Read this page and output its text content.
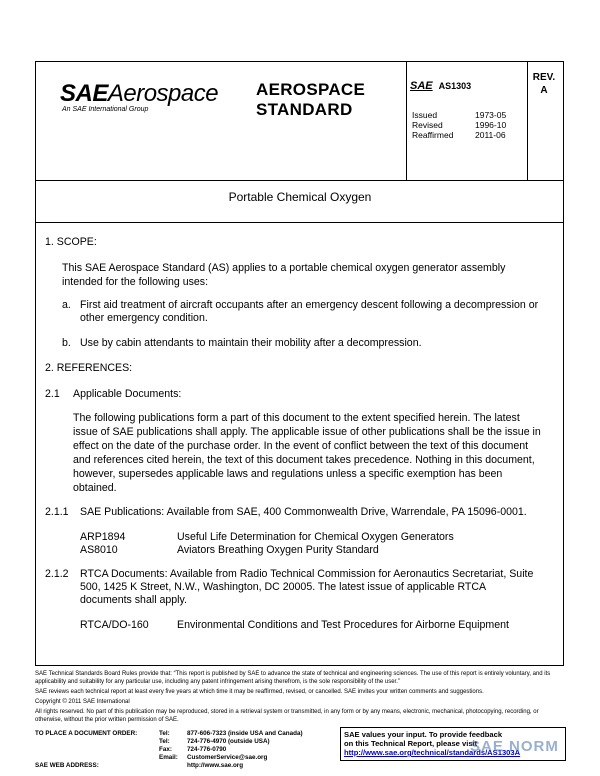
SAEAerospace
An SAE International Group
AEROSPACE
STANDARD
SAE AS1303
REV.
A
Issued	1973-05
Revised	1996-10
Reaffirmed	2011-06
Portable Chemical Oxygen
1. SCOPE:
This SAE Aerospace Standard (AS) applies to a portable chemical oxygen generator assembly
intended for the following uses:
a. First aid treatment of aircraft occupants after an emergency descent following a decompression or
other emergency condition.
b. Use by cabin attendants to maintain their mobility after a decompression.
2. REFERENCES:
2.1 Applicable Documents:
The following publications form a part of this document to the extent specified herein. The latest
issue of SAE publications shall apply. The applicable issue of other publications shall be the issue in
effect on the date of the purchase order. In the event of conflict between the text of this document
and references cited herein, the text of this document takes precedence. Nothing in this document,
however, supersedes applicable laws and regulations unless a specific exemption has been
obtained.
2.1.1 SAE Publications: Available from SAE, 400 Commonwealth Drive, Warrendale, PA 15096-0001.
ARP1894	Useful Life Determination for Chemical Oxygen Generators
AS8010	Aviators Breathing Oxygen Purity Standard
2.1.2 RTCA Documents: Available from Radio Technical Commission for Aeronautics Secretariat, Suite
500, 1425 K Street, N.W., Washington, DC 20005. The latest issue of applicable RTCA
documents shall apply.
RTCA/DO-160	Environmental Conditions and Test Procedures for Airborne Equipment

SAE Technical Standards Board Rules provide that: “This report is published by SAE to advance the state of technical and engineering sciences. The use of this report is entirely voluntary, and its applicability and suitability for any particular use, including any patent infringement arising therefrom, is the sole responsibility of the user.”

SAE reviews each technical report at least every five years at which time it may be reaffirmed, revised, or cancelled. SAE invites your written comments and suggestions.

Copyright © 2011 SAE International

All rights reserved. No part of this publication may be reproduced, stored in a retrieval system or transmitted, in any form or by any means, electronic, mechanical, photocopying, recording, or otherwise, without the prior written permission of SAE.

TO PLACE A DOCUMENT ORDER:	Tel:	877-606-7323 (inside USA and Canada)
Tel:	724-776-4970 (outside USA)
Fax: 724-776-0790
Email: CustomerService@sae.org
SAE WEB ADDRESS:	http://www.sae.org
SAE values your input. To provide feedback
on this Technical Report, please visit
http://www.sae.org/technical/standards/AS1303A
SAE NORM
